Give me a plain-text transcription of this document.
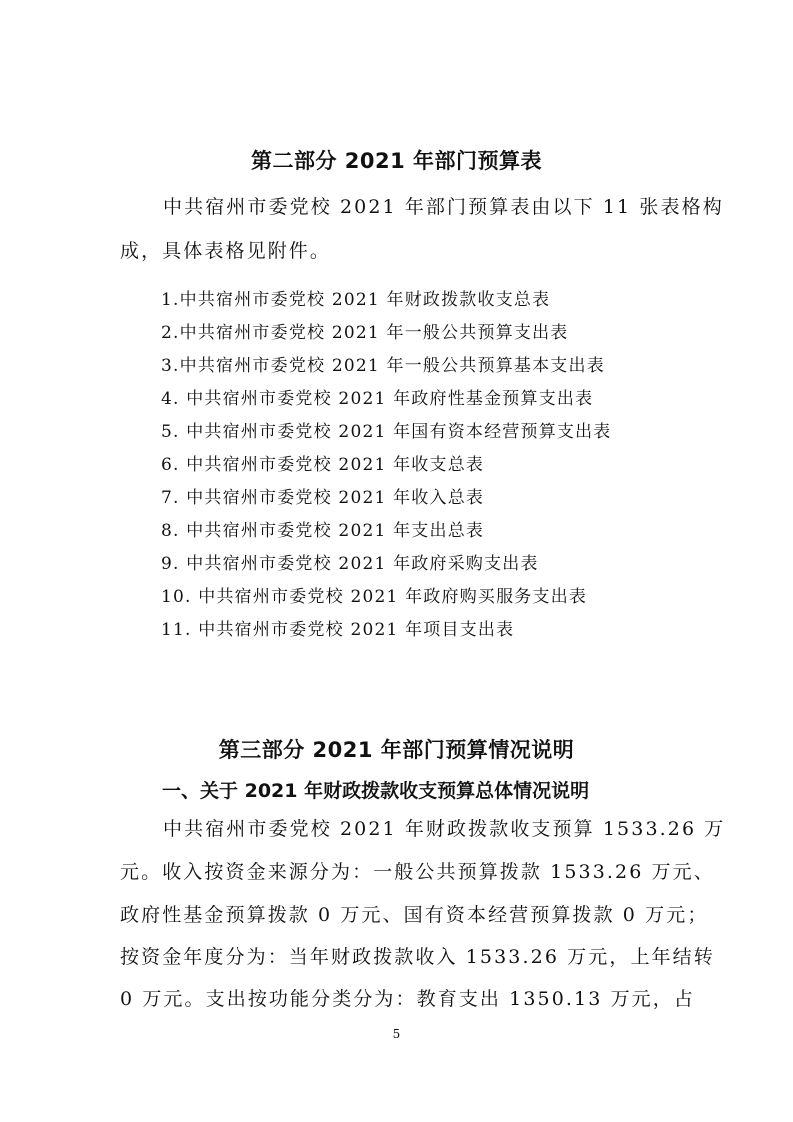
第二部分 2021 年部门预算表
中共宿州市委党校 2021 年部门预算表由以下 11 张表格构
成，具体表格见附件。
1.中共宿州市委党校 2021 年财政拨款收支总表
2.中共宿州市委党校 2021 年一般公共预算支出表
3.中共宿州市委党校 2021 年一般公共预算基本支出表
4. 中共宿州市委党校 2021 年政府性基金预算支出表
5. 中共宿州市委党校 2021 年国有资本经营预算支出表
6. 中共宿州市委党校 2021 年收支总表
7. 中共宿州市委党校 2021 年收入总表
8. 中共宿州市委党校 2021 年支出总表
9. 中共宿州市委党校 2021 年政府采购支出表
10. 中共宿州市委党校 2021 年政府购买服务支出表
11. 中共宿州市委党校 2021 年项目支出表
第三部分 2021 年部门预算情况说明
一、关于 2021 年财政拨款收支预算总体情况说明
中共宿州市委党校 2021 年财政拨款收支预算 1533.26 万
元。收入按资金来源分为：一般公共预算拨款 1533.26 万元、
政府性基金预算拨款 0 万元、国有资本经营预算拨款 0 万元；
按资金年度分为：当年财政拨款收入 1533.26 万元，上年结转
0 万元。支出按功能分类分为：教育支出 1350.13 万元，占
5
